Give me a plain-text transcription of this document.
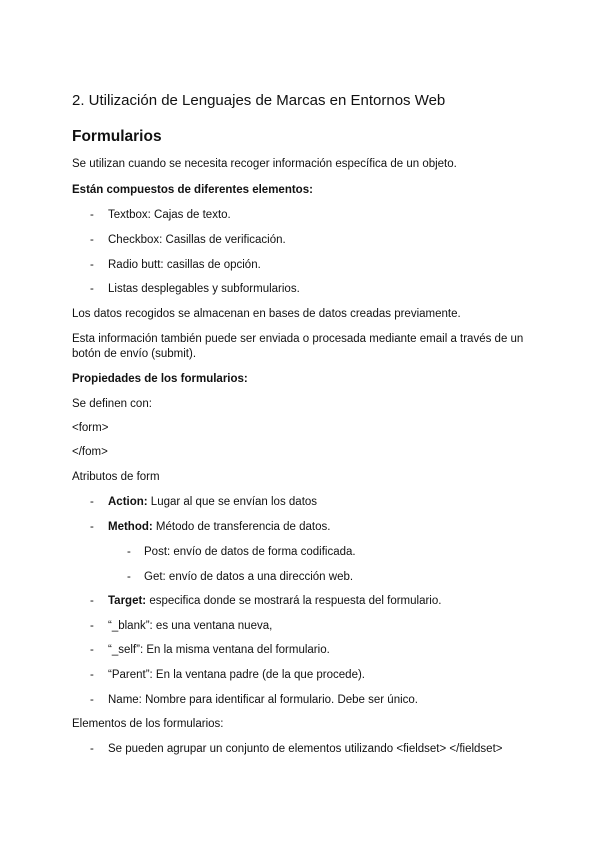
2. Utilización de Lenguajes de Marcas en Entornos Web
Formularios
Se utilizan cuando se necesita recoger información específica de un objeto.
Están compuestos de diferentes elementos:
- Textbox: Cajas de texto.
- Checkbox: Casillas de verificación.
- Radio butt: casillas de opción.
- Listas desplegables y subformularios.
Los datos recogidos se almacenan en bases de datos creadas previamente.
Esta información también puede ser enviada o procesada mediante email a través de un
botón de envío (submit).
Propiedades de los formularios:
Se definen con:
<form>
</fom>
Atributos de form
- Action: Lugar al que se envían los datos
- Method: Método de transferencia de datos.
- Post: envío de datos de forma codificada.
- Get: envío de datos a una dirección web.
- Target: especifica donde se mostrará la respuesta del formulario.
- “_blank”: es una ventana nueva,
- “_self”: En la misma ventana del formulario.
- “Parent”: En la ventana padre (de la que procede).
- Name: Nombre para identificar al formulario. Debe ser único.
Elementos de los formularios:
- Se pueden agrupar un conjunto de elementos utilizando <fieldset> </fieldset>
